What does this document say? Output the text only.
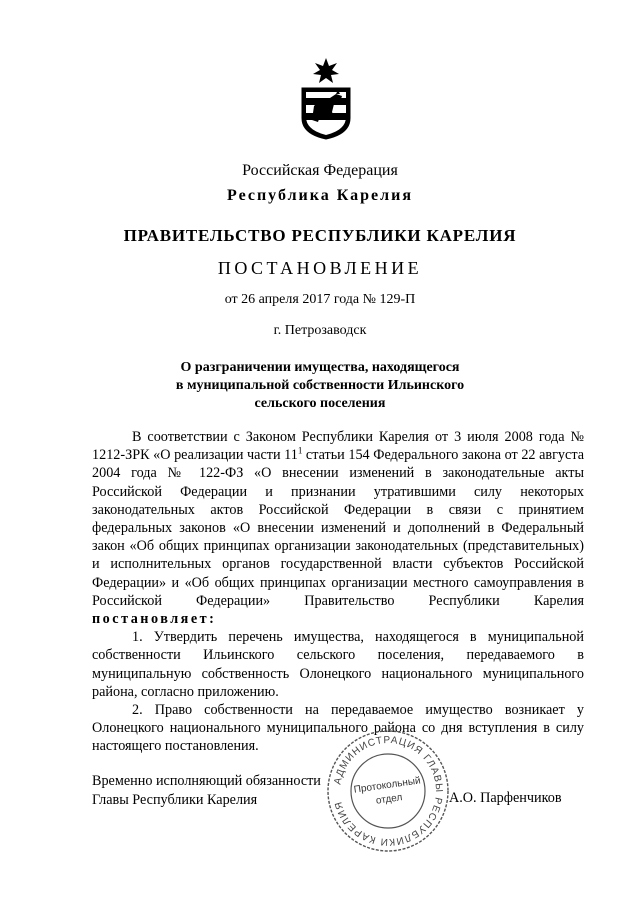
Российская Федерация
Республика Карелия
ПРАВИТЕЛЬСТВО РЕСПУБЛИКИ КАРЕЛИЯ
ПОСТАНОВЛЕНИЕ
от 26 апреля 2017 года № 129-П
г. Петрозаводск
О разграничении имущества, находящегося
в муниципальной собственности Ильинского
сельского поселения

В соответствии с Законом Республики Карелия от 3 июля 2008 года № 1212-ЗРК «О реализации части $11^1$ статьи 154 Федерального закона от 22 августа 2004 года № 122-ФЗ «О внесении изменений в законодательные акты Российской Федерации и признании утратившими силу некоторых законодательных актов Российской Федерации в связи с принятием федеральных законов «О внесении изменений и дополнений в Федеральный закон «Об общих принципах организации законодательных (представительных) и исполнительных органов государственной власти субъектов Российской Федерации» и «Об общих принципах организации местного самоуправления в Российской Федерации» Правительство Республики Карелия постановляет:

1. Утвердить перечень имущества, находящегося в муниципальной собственности Ильинского сельского поселения, передаваемого в муниципальную собственность Олонецкого национального муниципального района, согласно приложению.

2. Право собственности на передаваемое имущество возникает у Олонецкого национального муниципального района со дня вступления в силу настоящего постановления.

Временно исполняющий обязанности
Главы Республики Карелия
АДМИНИСТРАЦИЯ ГЛАВЫ РЕСПУБЛИКИ КАРЕЛИЯ
Протокольный
отдел	А.О. Парфенчиков
